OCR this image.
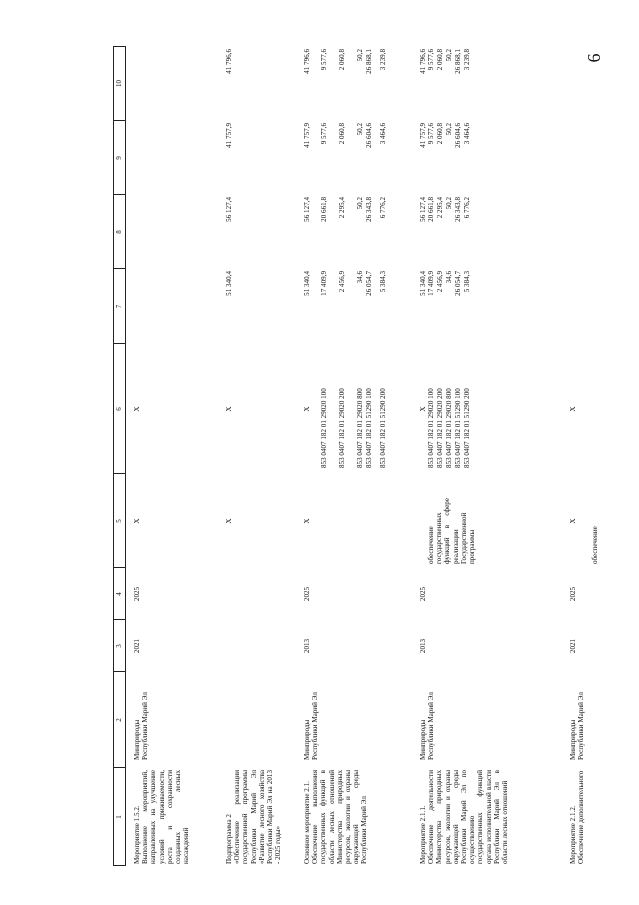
6
1
2
3
4
5
6
7
8
9
10
Мероприятие 1.5.2.
Выполнение мероприятий, направленных на улучшение условий приживаемости, роста и сохранности созданных лесных насаждений
Минприроды
Республики Марий Эл
2021
2025
X
X
Подпрограмма 2
«Обеспечение реализации государственной программы Республики Марий Эл «Развитие лесного хозяйства Республики Марий Эл на 2013 - 2025 годы»
X
X
51 340,4
56 127,4
41 757,9
41 796,6
Основное мероприятие 2.1.
Обеспечение выполнения государственных функций в области лесных отношений Министерства природных ресурсов, экологии и охраны окружающей среды Республики Марий Эл
Минприроды
Республики Марий Эл
2013
2025
X
X 853 0407 182 01 29020 100 853 0407 182 01 29020 200 853 0407 182 01 29020 800 853 0407 182 01 51290 100 853 0407 182 01 51290 200
51 340,4 17 409,9 2 456,9 34,6 26 054,7 5 384,3
56 127,4 20 661,8 2 295,4 50,2 26 343,8 6 776,2
41 757,9 9 577,6 2 060,8 50,2 26 604,6 3 464,6
41 796,6 9 577,6 2 060,8 50,2 26 868,1 3 239,8
Мероприятие 2.1.1.
Обеспечение деятельности Министерства природных ресурсов, экологии и охраны окружающей среды Республики Марий Эл по осуществлению государственных функций органа исполнительной власти Республики Марий Эл в области лесных отношений
Минприроды
Республики Марий Эл
2013
2025
обеспечение государственных функций в сфере реализации Государственной программы
X 853 0407 182 01 29020 100 853 0407 182 01 29020 200 853 0407 182 01 29020 800 853 0407 182 01 51290 100 853 0407 182 01 51290 200
51 340,4 17 409,9 2 456,9 34,6 26 054,7 5 384,3
56 127,4 20 661,8 2 295,4 50,2 26 343,8 6 776,2
41 757,9 9 577,6 2 060,8 50,2 26 604,6 3 464,6
41 796,6 9 577,6 2 060,8 50,2 26 868,1 3 239,8
Мероприятие 2.1.2.
Обеспечение дополнительного
Минприроды
Республики Марий Эл
2021
2025
X
обеспечение
X
